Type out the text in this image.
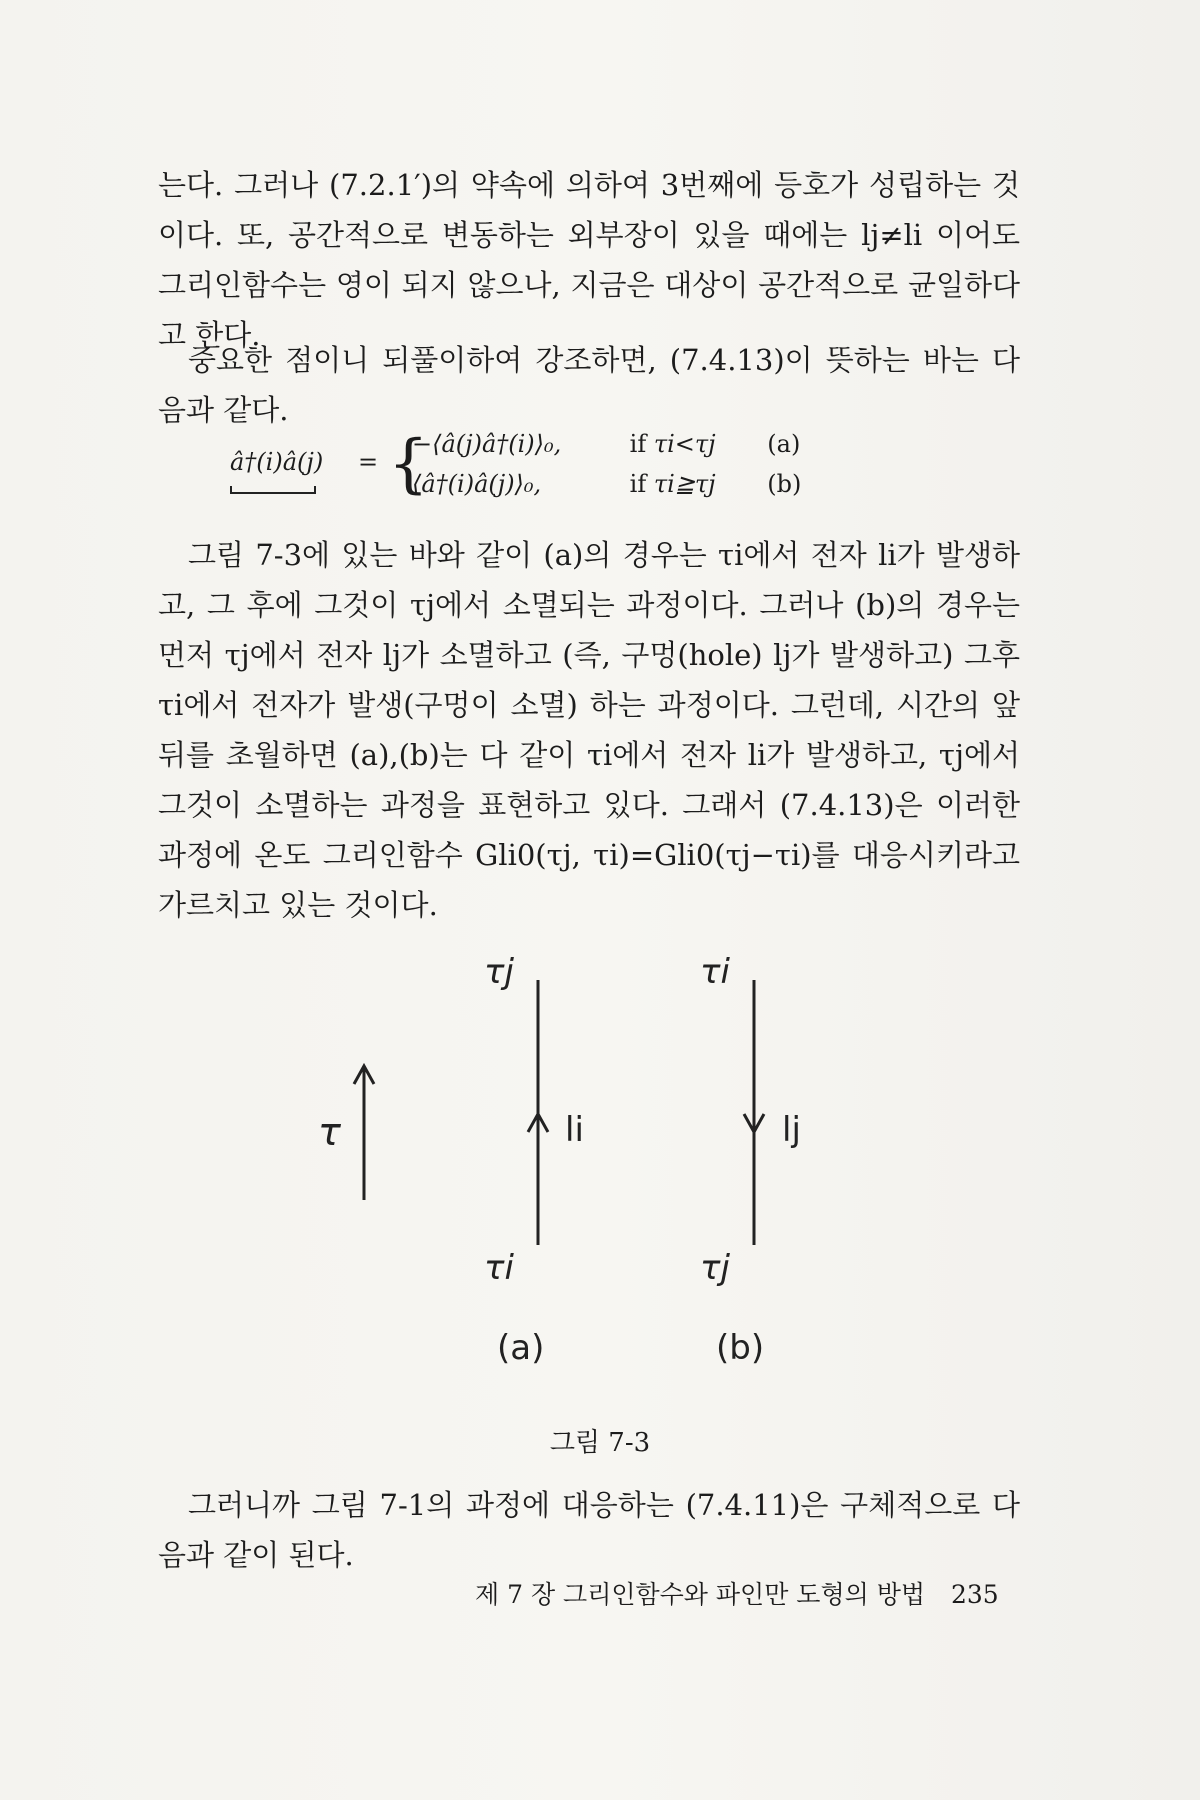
는다. 그러나 (7.2.1′)의 약속에 의하여 3번째에 등호가 성립하는 것이다. 또, 공간적으로 변동하는 외부장이 있을 때에는 lj≠li 이어도 그리인함수는 영이 되지 않으나, 지금은 대상이 공간적으로 균일하다고 한다.

중요한 점이니 되풀이하여 강조하면, (7.4.13)이 뜻하는 바는 다음과 같다.

â†(i)â(j) = {
−⟨â(j)â†(i)⟩₀,	if τi<τj (a)
⟨â†(i)â(j)⟩₀,	if τi≧τj (b)

그림 7-3에 있는 바와 같이 (a)의 경우는 τi에서 전자 li가 발생하고, 그 후에 그것이 τj에서 소멸되는 과정이다. 그러나 (b)의 경우는 먼저 τj에서 전자 lj가 소멸하고 (즉, 구멍(hole) lj가 발생하고) 그후 τi에서 전자가 발생(구멍이 소멸) 하는 과정이다. 그런데, 시간의 앞뒤를 초월하면 (a),(b)는 다 같이 τi에서 전자 li가 발생하고, τj에서 그것이 소멸하는 과정을 표현하고 있다. 그래서 (7.4.13)은 이러한 과정에 온도 그리인함수 Gli0(τj, τi)=Gli0(τj−τi)를 대응시키라고 가르치고 있는 것이다.

τ
τj
τi
li
τi
τj
lj
(a)	(b)
그림 7-3

그러니까 그림 7-1의 과정에 대응하는 (7.4.11)은 구체적으로 다음과 같이 된다.

제 7 장 그리인함수와 파인만 도형의 방법 235
